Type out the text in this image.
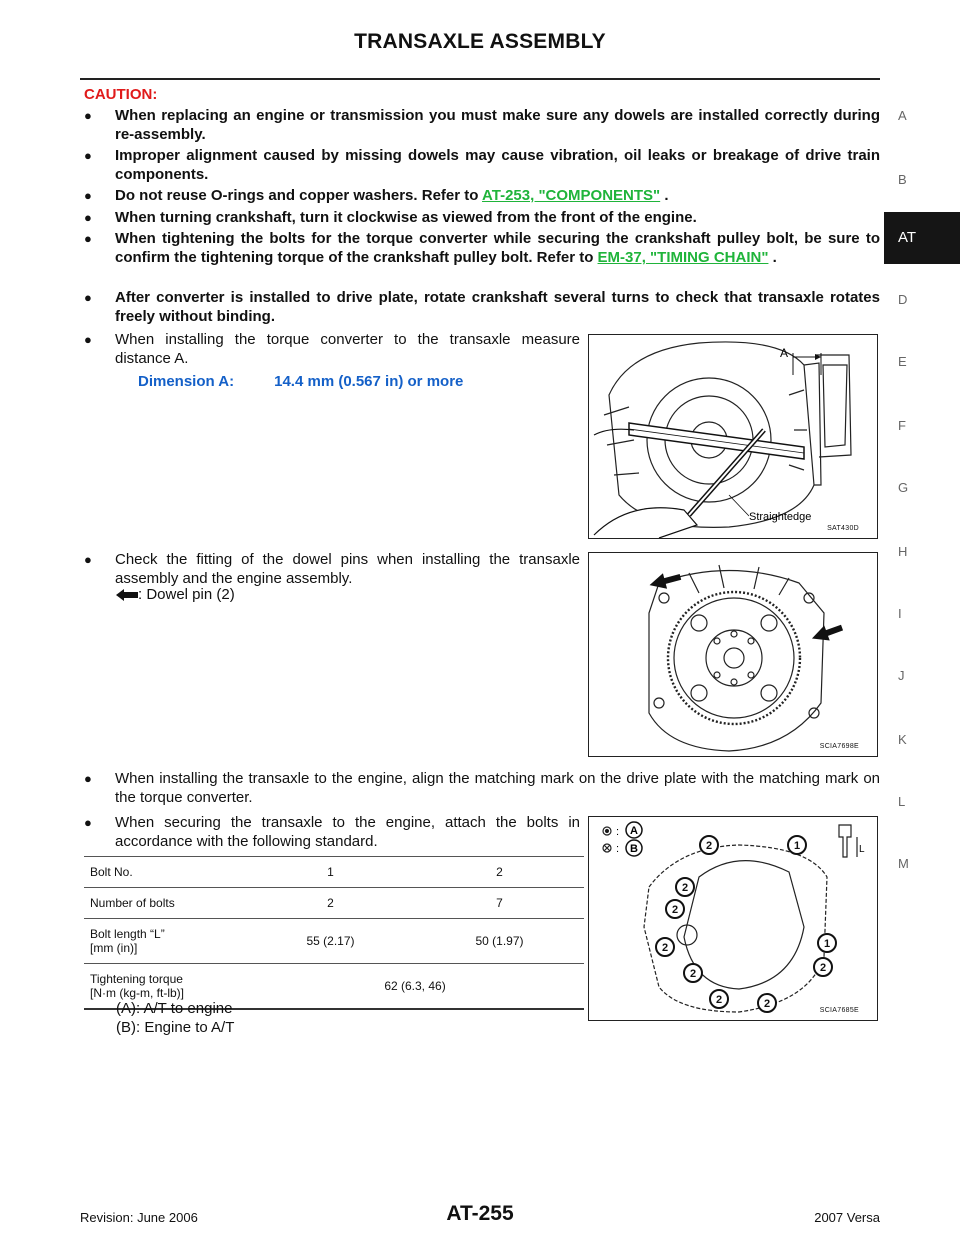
TRANSAXLE ASSEMBLY
CAUTION:
● When replacing an engine or transmission you must make sure any dowels are installed correctly during re-assembly.
● Improper alignment caused by missing dowels may cause vibration, oil leaks or breakage of drive train components.
● Do not reuse O-rings and copper washers. Refer to AT-253, "COMPONENTS" .
● When turning crankshaft, turn it clockwise as viewed from the front of the engine.
● When tightening the bolts for the torque converter while securing the crankshaft pulley bolt, be sure to confirm the tightening torque of the crankshaft pulley bolt. Refer to EM-37, "TIMING CHAIN" .
● After converter is installed to drive plate, rotate crankshaft several turns to check that transaxle rotates freely without binding.
● When installing the torque converter to the transaxle measure distance A.
Dimension A:	14.4 mm (0.567 in) or more
● Check the fitting of the dowel pins when installing the transaxle assembly and the engine assembly.
: Dowel pin (2)
● When installing the transaxle to the engine, align the matching mark on the drive plate with the matching mark on the torque converter.
● When securing the transaxle to the engine, attach the bolts in accordance with the following standard.
Bolt No.	1	2
Number of bolts	2	7
Bolt length “L”
[mm (in)]	55 (2.17)	50 (1.97)
Tightening torque
[N·m (kg-m, ft-lb)]	62 (6.3, 46)	
(A): A/T to engine
(B): Engine to A/T
A
Straightedge
SAT430D
SCIA7698E
:
:
A
B	2	1
2
2
2	1
2
2
2	2
L
SCIA7685E
A
B
D
E
F
G
H
I
J
K
L
M
AT
Revision: June 2006	AT-255	2007 Versa
